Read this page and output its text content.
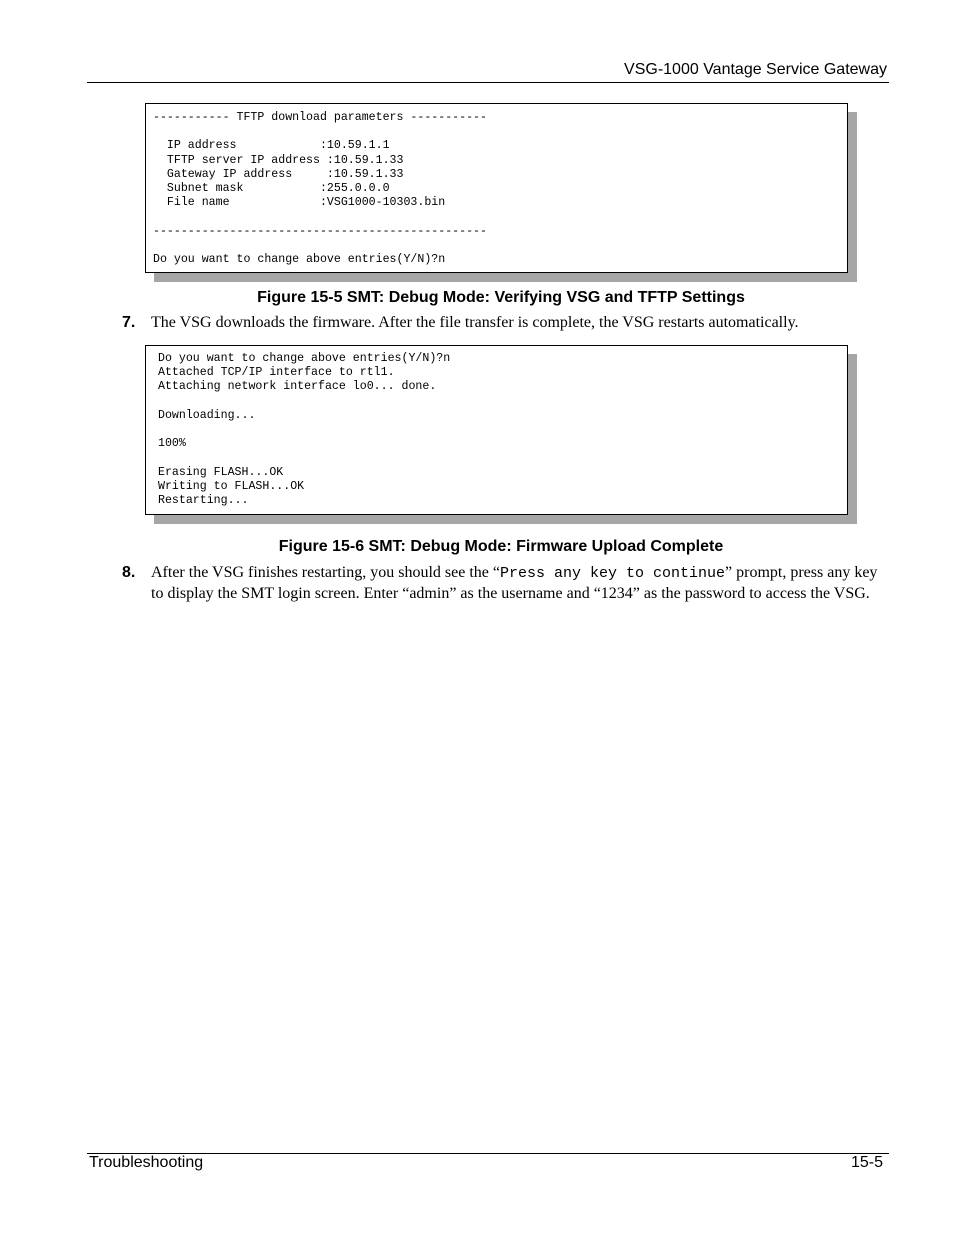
VSG-1000 Vantage Service Gateway
----------- TFTP download parameters -----------

IP address            :10.59.1.1
TFTP server IP address :10.59.1.33
Gateway IP address     :10.59.1.33
Subnet mask           :255.0.0.0
File name             :VSG1000-10303.bin

------------------------------------------------

Do you want to change above entries(Y/N)?n
Figure 15-5 SMT: Debug Mode: Verifying VSG and TFTP Settings
7. The VSG downloads the firmware. After the file transfer is complete, the VSG restarts automatically.
Do you want to change above entries(Y/N)?n
Attached TCP/IP interface to rtl1.
Attaching network interface lo0... done.

Downloading...

100%

Erasing FLASH...OK
Writing to FLASH...OK
Restarting...
Figure 15-6 SMT: Debug Mode: Firmware Upload Complete
8. After the VSG finishes restarting, you should see the “Press any key to continue” prompt, press any key to display the SMT login screen. Enter “admin” as the username and “1234” as the password to access the VSG.
Troubleshooting	15-5
